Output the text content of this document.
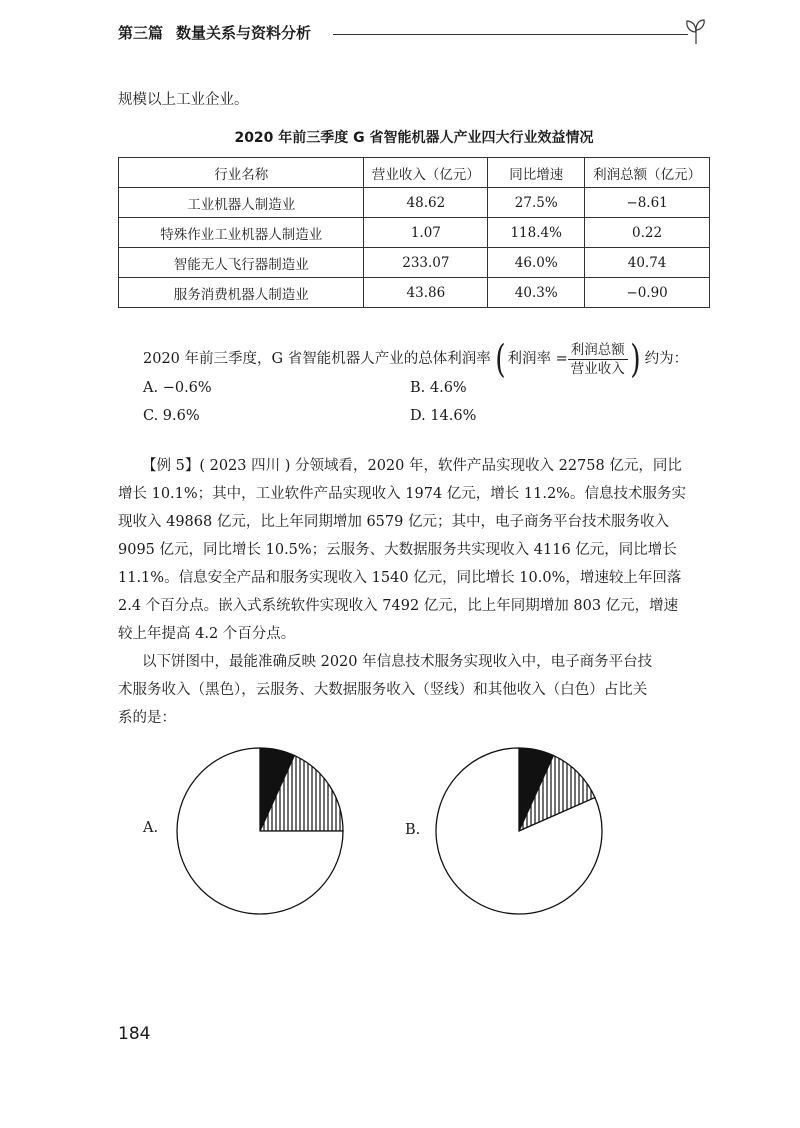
第三篇 数量关系与资料分析
规模以上工业企业。
2020 年前三季度 G 省智能机器人产业四大行业效益情况
行业名称	营业收入（亿元）	同比增速	利润总额（亿元）
工业机器人制造业	48.62	27.5%	−8.61
特殊作业工业机器人制造业	1.07	118.4%	0.22
智能无人飞行器制造业	233.07	46.0%	40.74
服务消费机器人制造业	43.86	40.3%	−0.90
2020 年前三季度，G 省智能机器人产业的总体利润率 ( 利润率 = $\frac{\text{利润总额}}{\text{营业收入}}$ ) 约为：
A. −0.6%	B. 4.6%
C. 9.6%	D. 14.6%
【例 5】( 2023 四川 ) 分领域看，2020 年，软件产品实现收入 22758 亿元，同比
增长 10.1%；其中，工业软件产品实现收入 1974 亿元，增长 11.2%。信息技术服务实
现收入 49868 亿元，比上年同期增加 6579 亿元；其中，电子商务平台技术服务收入
9095 亿元，同比增长 10.5%；云服务、大数据服务共实现收入 4116 亿元，同比增长
11.1%。信息安全产品和服务实现收入 1540 亿元，同比增长 10.0%，增速较上年回落
2.4 个百分点。嵌入式系统软件实现收入 7492 亿元，比上年同期增加 803 亿元，增速
较上年提高 4.2 个百分点。
以下饼图中，最能准确反映 2020 年信息技术服务实现收入中，电子商务平台技
术服务收入（黑色），云服务、大数据服务收入（竖线）和其他收入（白色）占比关
系的是：
A.	B.
184
